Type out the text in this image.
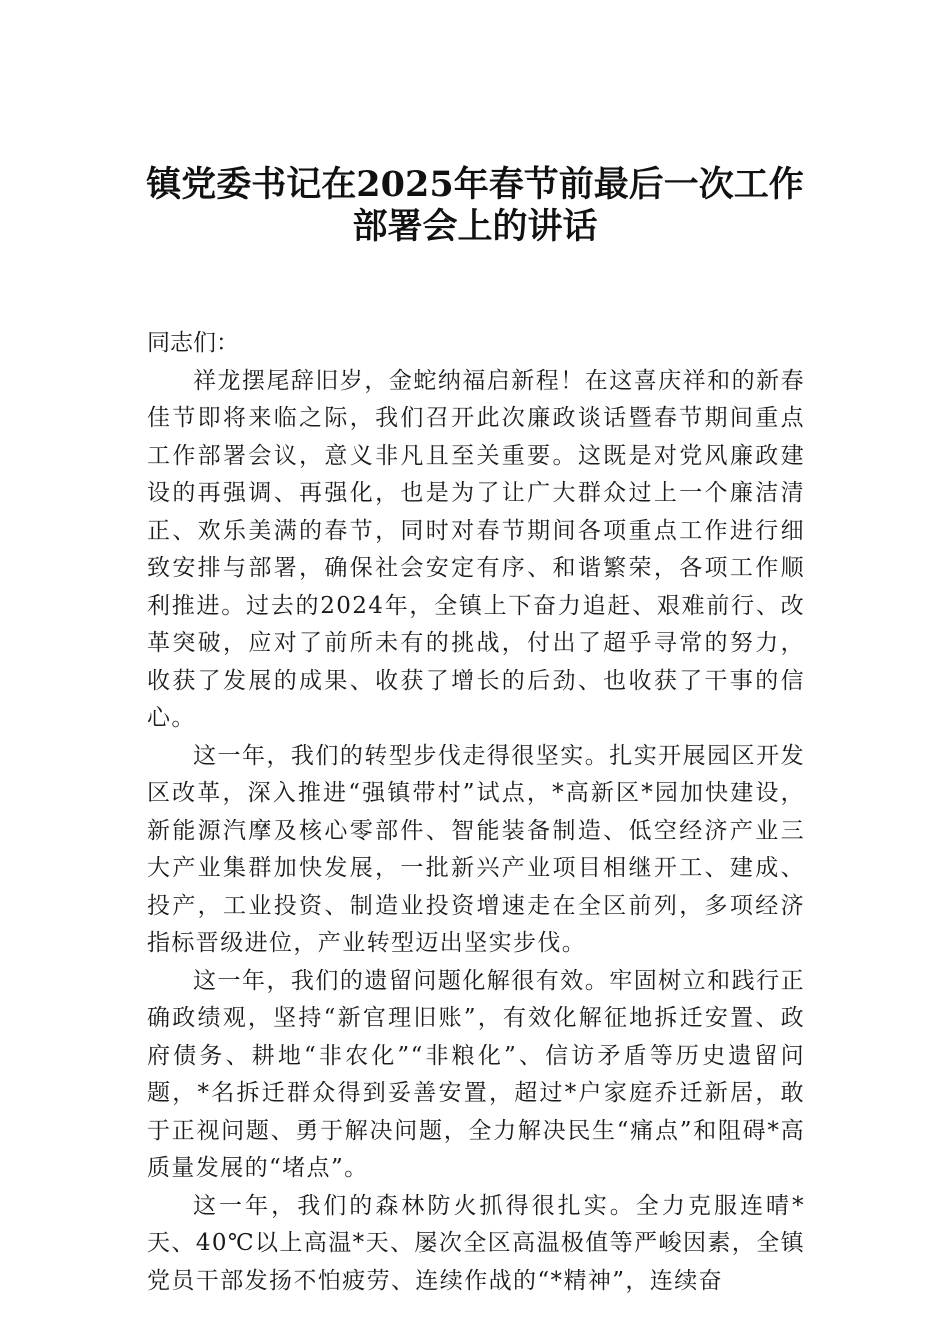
镇党委书记在2025年春节前最后一次工作
部署会上的讲话

同志们：

祥龙摆尾辞旧岁，金蛇纳福启新程！在这喜庆祥和的新春佳节即将来临之际，我们召开此次廉政谈话暨春节期间重点工作部署会议，意义非凡且至关重要。这既是对党风廉政建设的再强调、再强化，也是为了让广大群众过上一个廉洁清正、欢乐美满的春节，同时对春节期间各项重点工作进行细致安排与部署，确保社会安定有序、和谐繁荣，各项工作顺利推进。过去的2024年，全镇上下奋力追赶、艰难前行、改革突破，应对了前所未有的挑战，付出了超乎寻常的努力，收获了发展的成果、收获了增长的后劲、也收获了干事的信心。

这一年，我们的转型步伐走得很坚实。扎实开展园区开发区改革，深入推进“强镇带村”试点，*高新区*园加快建设，新能源汽摩及核心零部件、智能装备制造、低空经济产业三大产业集群加快发展，一批新兴产业项目相继开工、建成、投产，工业投资、制造业投资增速走在全区前列，多项经济指标晋级进位，产业转型迈出坚实步伐。

这一年，我们的遗留问题化解很有效。牢固树立和践行正确政绩观，坚持“新官理旧账”，有效化解征地拆迁安置、政府债务、耕地“非农化”“非粮化”、信访矛盾等历史遗留问题，*名拆迁群众得到妥善安置，超过*户家庭乔迁新居，敢于正视问题、勇于解决问题，全力解决民生“痛点”和阻碍*高质量发展的“堵点”。

这一年，我们的森林防火抓得很扎实。全力克服连晴*天、40℃以上高温*天、屡次全区高温极值等严峻因素，全镇党员干部发扬不怕疲劳、连续作战的“*精神”，连续奋
